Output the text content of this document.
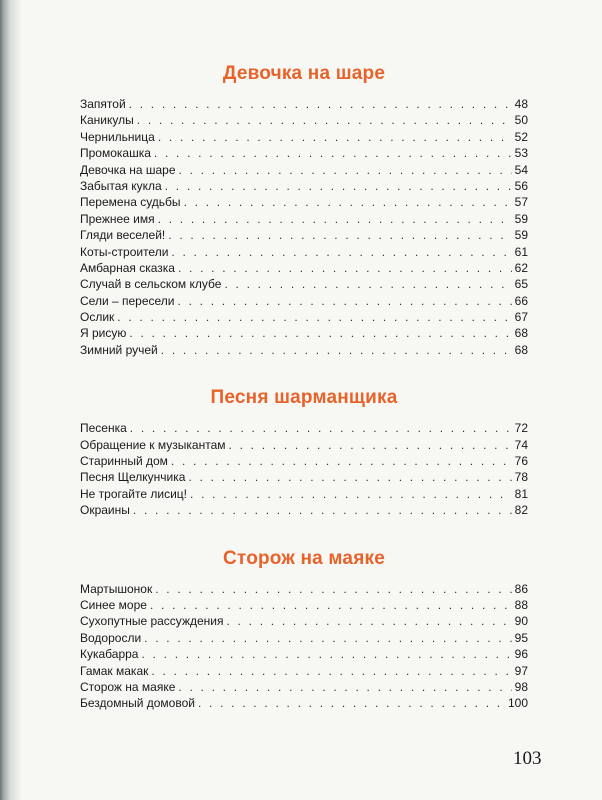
Девочка на шаре
Запятой . . .	48
Каникулы . . .	50
Чернильница . . .	52
Промокашка . . .	53
Девочка на шаре . . .	54
Забытая кукла . . .	56
Перемена судьбы . . .	57
Прежнее имя . . .	59
Гляди веселей! . . .	59
Коты-строители . . .	61
Амбарная сказка . . .	62
Случай в сельском клубе . . .	65
Сели – пересели . . .	66
Ослик . . .	67
Я рисую . . .	68
Зимний ручей . . .	68
Песня шарманщика
Песенка . . .	72
Обращение к музыкантам . . .	74
Старинный дом . . .	76
Песня Щелкунчика . . .	78
Не трогайте лисиц! . . .	81
Окраины . . .	82
Сторож на маяке
Мартышонок . . .	86
Синее море . . .	88
Сухопутные рассуждения . . .	90
Водоросли . . .	95
Кукабарра . . .	96
Гамак макак . . .	97
Сторож на маяке . . .	98
Бездомный домовой . . .	100
103
